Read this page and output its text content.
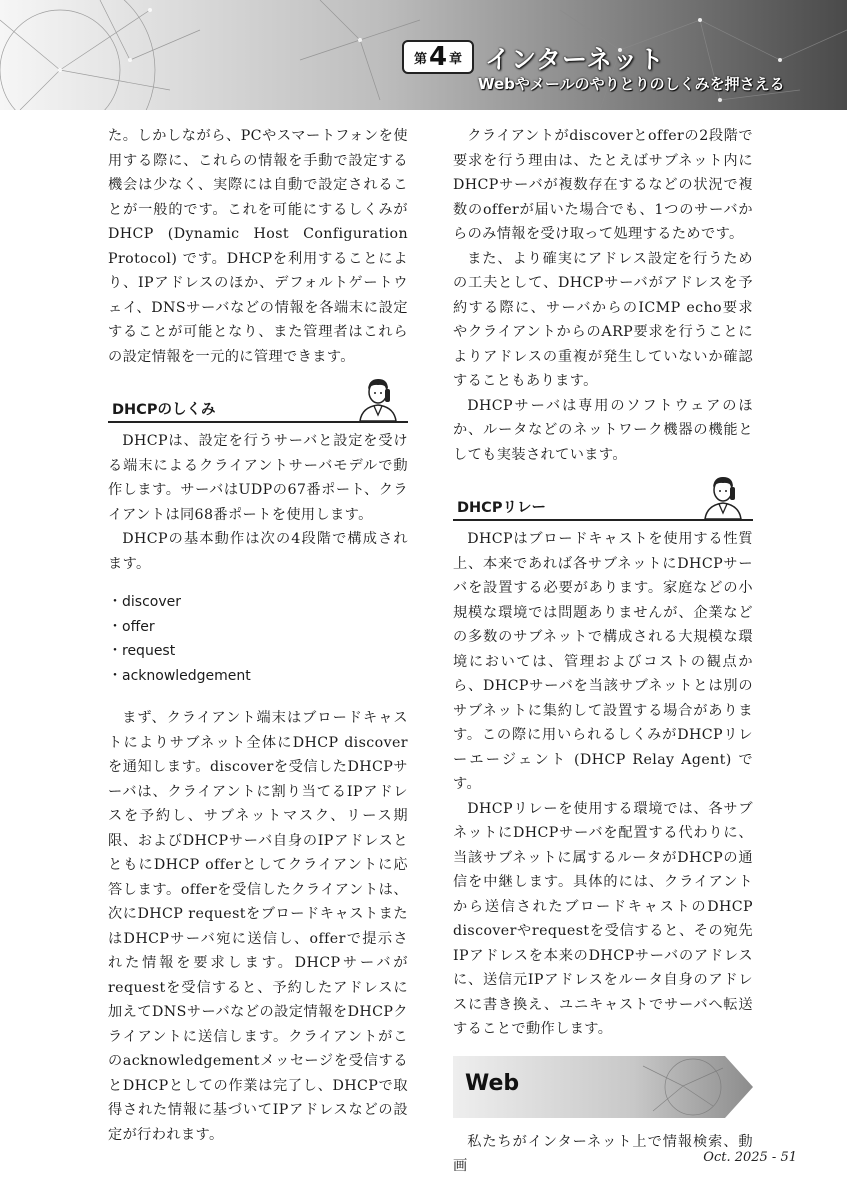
第 4 章 インターネット
Webやメールのやりとりのしくみを押さえる

た。しかしながら、PCやスマートフォンを使用する際に、これらの情報を手動で設定する機会は少なく、実際には自動で設定されることが一般的です。これを可能にするしくみがDHCP (Dynamic Host Configuration Protocol) です。DHCPを利用することにより、IPアドレスのほか、デフォルトゲートウェイ、DNSサーバなどの情報を各端末に設定することが可能となり、また管理者はこれらの設定情報を一元的に管理できます。

DHCPのしくみ

DHCPは、設定を行うサーバと設定を受ける端末によるクライアントサーバモデルで動作します。サーバはUDPの67番ポート、クライアントは同68番ポートを使用します。

DHCPの基本動作は次の4段階で構成されます。

・discover
・offer
・request
・acknowledgement

まず、クライアント端末はブロードキャストによりサブネット全体にDHCP discoverを通知します。discoverを受信したDHCPサーバは、クライアントに割り当てるIPアドレスを予約し、サブネットマスク、リース期限、およびDHCPサーバ自身のIPアドレスとともにDHCP offerとしてクライアントに応答します。offerを受信したクライアントは、次にDHCP requestをブロードキャストまたはDHCPサーバ宛に送信し、offerで提示された情報を要求します。DHCPサーバがrequestを受信すると、予約したアドレスに加えてDNSサーバなどの設定情報をDHCPクライアントに送信します。クライアントがこのacknowledgementメッセージを受信するとDHCPとしての作業は完了し、DHCPで取得された情報に基づいてIPアドレスなどの設定が行われます。

クライアントがdiscoverとofferの2段階で要求を行う理由は、たとえばサブネット内にDHCPサーバが複数存在するなどの状況で複数のofferが届いた場合でも、1つのサーバからのみ情報を受け取って処理するためです。

また、より確実にアドレス設定を行うための工夫として、DHCPサーバがアドレスを予約する際に、サーバからのICMP echo要求やクライアントからのARP要求を行うことによりアドレスの重複が発生していないか確認することもあります。

DHCPサーバは専用のソフトウェアのほか、ルータなどのネットワーク機器の機能としても実装されています。

DHCPリレー

DHCPはブロードキャストを使用する性質上、本来であれば各サブネットにDHCPサーバを設置する必要があります。家庭などの小規模な環境では問題ありませんが、企業などの多数のサブネットで構成される大規模な環境においては、管理およびコストの観点から、DHCPサーバを当該サブネットとは別のサブネットに集約して設置する場合があります。この際に用いられるしくみがDHCPリレーエージェント (DHCP Relay Agent) です。

DHCPリレーを使用する環境では、各サブネットにDHCPサーバを配置する代わりに、当該サブネットに属するルータがDHCPの通信を中継します。具体的には、クライアントから送信されたブロードキャストのDHCP discoverやrequestを受信すると、その宛先IPアドレスを本来のDHCPサーバのアドレスに、送信元IPアドレスをルータ自身のアドレスに書き換え、ユニキャストでサーバへ転送することで動作します。

Web

私たちがインターネット上で情報検索、動画

Oct. 2025 - 51
